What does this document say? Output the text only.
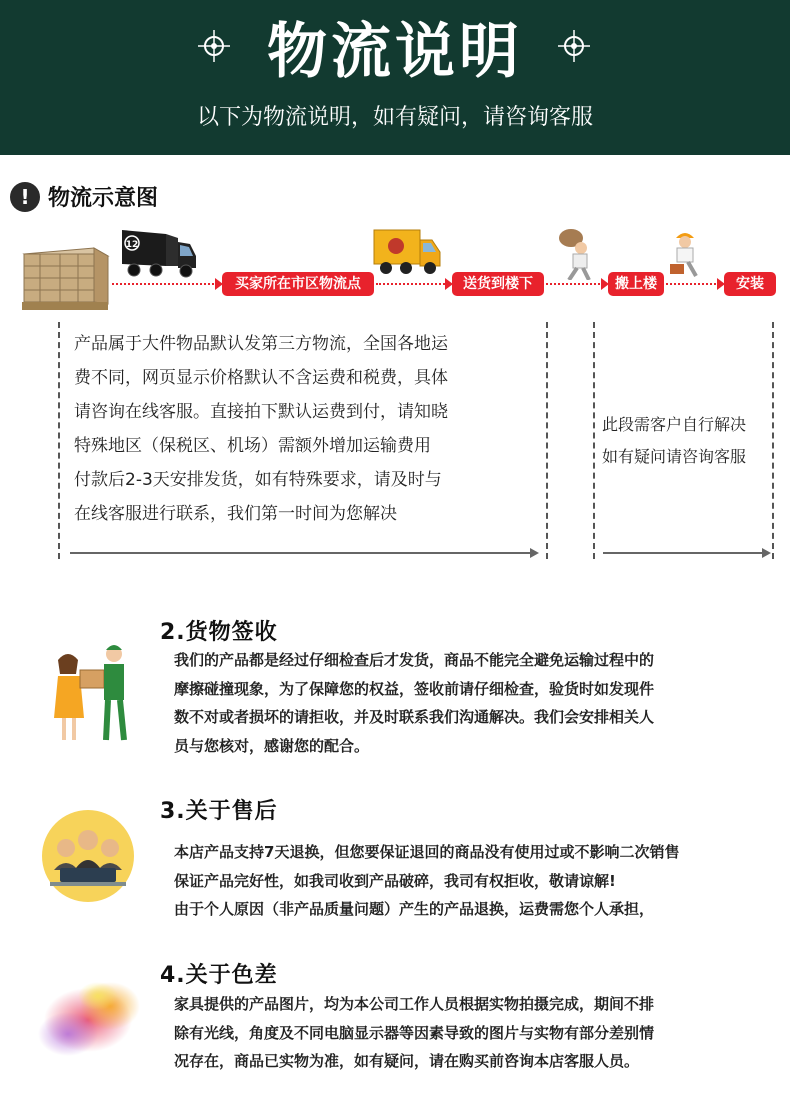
物流说明
以下为物流说明，如有疑问，请咨询客服
! 物流示意图
12
买家所在市区物流点	送货到楼下	搬上楼	安装
产品属于大件物品默认发第三方物流，全国各地运
费不同，网页显示价格默认不含运费和税费，具体
请咨询在线客服。直接拍下默认运费到付，请知晓
特殊地区（保税区、机场）需额外增加运输费用
付款后2-3天安排发货，如有特殊要求，请及时与
在线客服进行联系，我们第一时间为您解决
此段需客户自行解决
如有疑问请咨询客服
2.货物签收
我们的产品都是经过仔细检查后才发货，商品不能完全避免运输过程中的
摩擦碰撞现象，为了保障您的权益，签收前请仔细检查，验货时如发现件
数不对或者损坏的请拒收，并及时联系我们沟通解决。我们会安排相关人
员与您核对，感谢您的配合。
3.关于售后
本店产品支持7天退换，但您要保证退回的商品没有使用过或不影响二次销售
保证产品完好性，如我司收到产品破碎，我司有权拒收，敬请谅解!
由于个人原因（非产品质量问题）产生的产品退换，运费需您个人承担，
4.关于色差
家具提供的产品图片，均为本公司工作人员根据实物拍摄完成，期间不排
除有光线，角度及不同电脑显示器等因素导致的图片与实物有部分差别情
况存在，商品已实物为准，如有疑问，请在购买前咨询本店客服人员。
